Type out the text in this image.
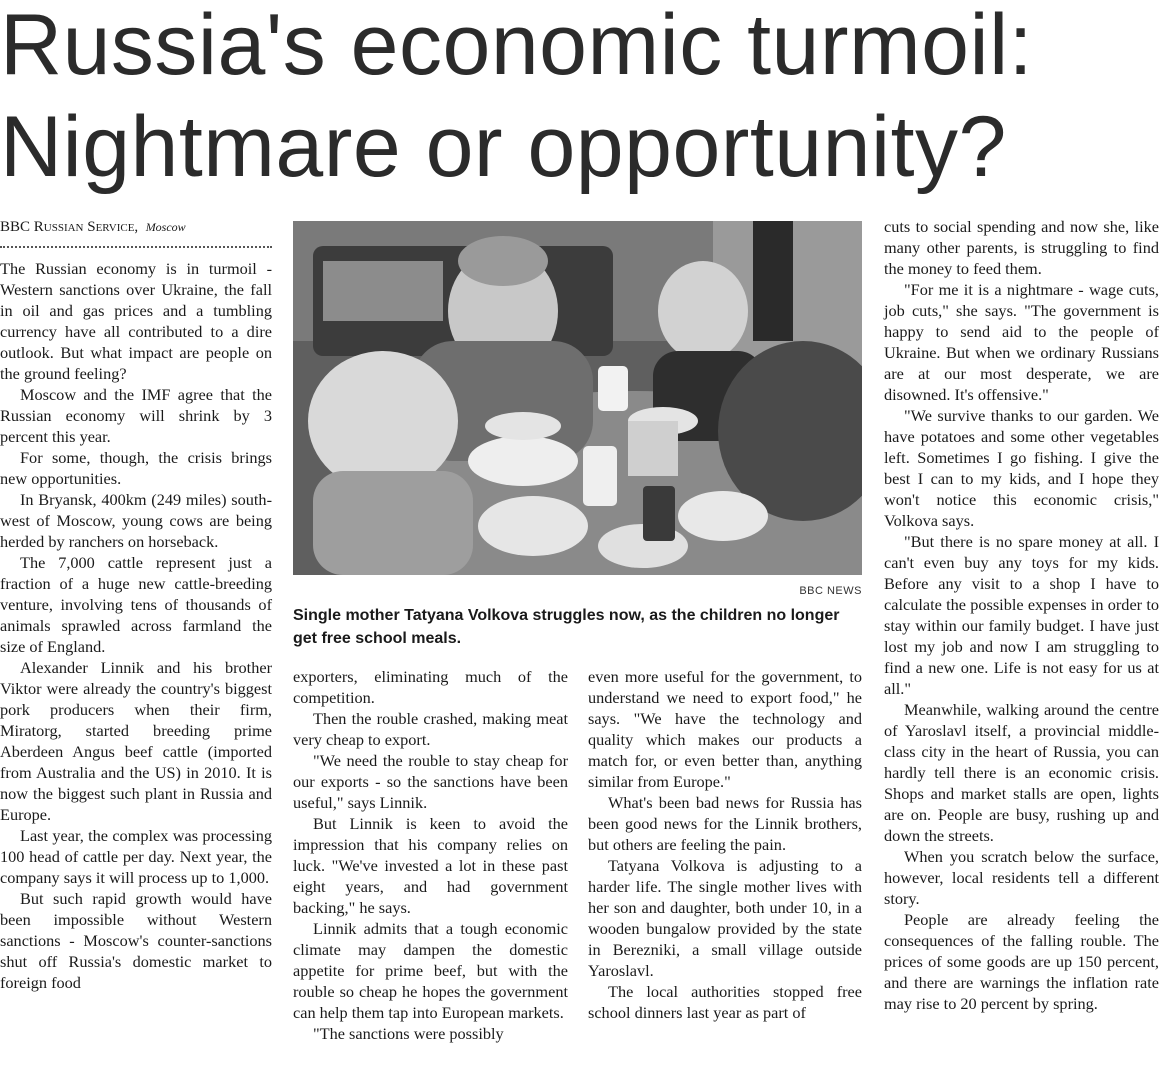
Russia's economic turmoil:
Nightmare or opportunity?
BBC Russian Service, Moscow

The Russian economy is in turmoil - Western sanctions over Ukraine, the fall in oil and gas prices and a tumbling currency have all contributed to a dire outlook. But what impact are people on the ground feeling?

Moscow and the IMF agree that the Russian economy will shrink by 3 percent this year.

For some, though, the crisis brings new opportunities.

In Bryansk, 400km (249 miles) south-west of Moscow, young cows are being herded by ranchers on horseback.

The 7,000 cattle represent just a fraction of a huge new cattle-breeding venture, involving tens of thousands of animals sprawled across farmland the size of England.

Alexander Linnik and his brother Viktor were already the country's biggest pork producers when their firm, Miratorg, started breeding prime Aberdeen Angus beef cattle (imported from Australia and the US) in 2010. It is now the biggest such plant in Russia and Europe.

Last year, the complex was processing 100 head of cattle per day. Next year, the company says it will process up to 1,000.

But such rapid growth would have been impossible without Western sanctions - Moscow's counter-sanctions shut off Russia's domestic market to foreign food

BBC NEWS
Single mother Tatyana Volkova struggles now, as the children no longer get free school meals.

exporters, eliminating much of the competition.

Then the rouble crashed, making meat very cheap to export.

"We need the rouble to stay cheap for our exports - so the sanctions have been useful," says Linnik.

But Linnik is keen to avoid the impression that his company relies on luck. "We've invested a lot in these past eight years, and had government backing," he says.

Linnik admits that a tough economic climate may dampen the domestic appetite for prime beef, but with the rouble so cheap he hopes the government can help them tap into European markets.

"The sanctions were possibly

even more useful for the government, to understand we need to export food," he says. "We have the technology and quality which makes our products a match for, or even better than, anything similar from Europe."

What's been bad news for Russia has been good news for the Linnik brothers, but others are feeling the pain.

Tatyana Volkova is adjusting to a harder life. The single mother lives with her son and daughter, both under 10, in a wooden bungalow provided by the state in Berezniki, a small village outside Yaroslavl.

The local authorities stopped free school dinners last year as part of

cuts to social spending and now she, like many other parents, is struggling to find the money to feed them.

"For me it is a nightmare - wage cuts, job cuts," she says. "The government is happy to send aid to the people of Ukraine. But when we ordinary Russians are at our most desperate, we are disowned. It's offensive."

"We survive thanks to our garden. We have potatoes and some other vegetables left. Sometimes I go fishing. I give the best I can to my kids, and I hope they won't notice this economic crisis," Volkova says.

"But there is no spare money at all. I can't even buy any toys for my kids. Before any visit to a shop I have to calculate the possible expenses in order to stay within our family budget. I have just lost my job and now I am struggling to find a new one. Life is not easy for us at all."

Meanwhile, walking around the centre of Yaroslavl itself, a provincial middle-class city in the heart of Russia, you can hardly tell there is an economic crisis. Shops and market stalls are open, lights are on. People are busy, rushing up and down the streets.

When you scratch below the surface, however, local residents tell a different story.

People are already feeling the consequences of the falling rouble. The prices of some goods are up 150 percent, and there are warnings the inflation rate may rise to 20 percent by spring.
